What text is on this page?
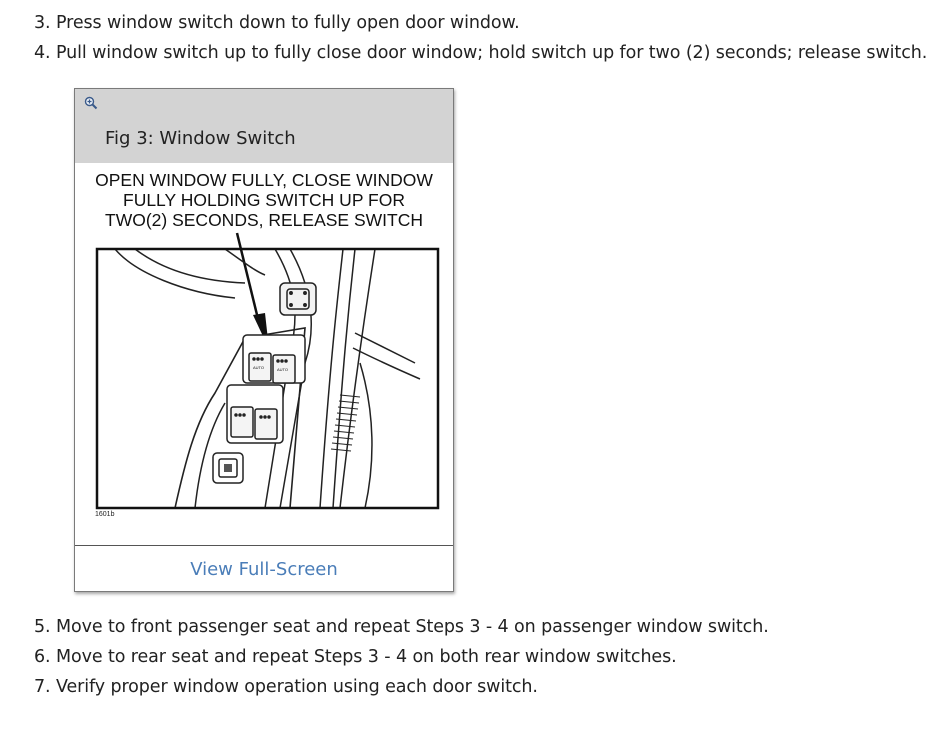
3. Press window switch down to fully open door window.
4. Pull window switch up to fully close door window; hold switch up for two (2) seconds; release switch.
Fig 3: Window Switch
OPEN WINDOW FULLY, CLOSE WINDOW
FULLY HOLDING SWITCH UP FOR
TWO(2) SECONDS, RELEASE SWITCH
AUTO	AUTO
1601b
View Full-Screen
5. Move to front passenger seat and repeat Steps 3 - 4 on passenger window switch.
6. Move to rear seat and repeat Steps 3 - 4 on both rear window switches.
7. Verify proper window operation using each door switch.
